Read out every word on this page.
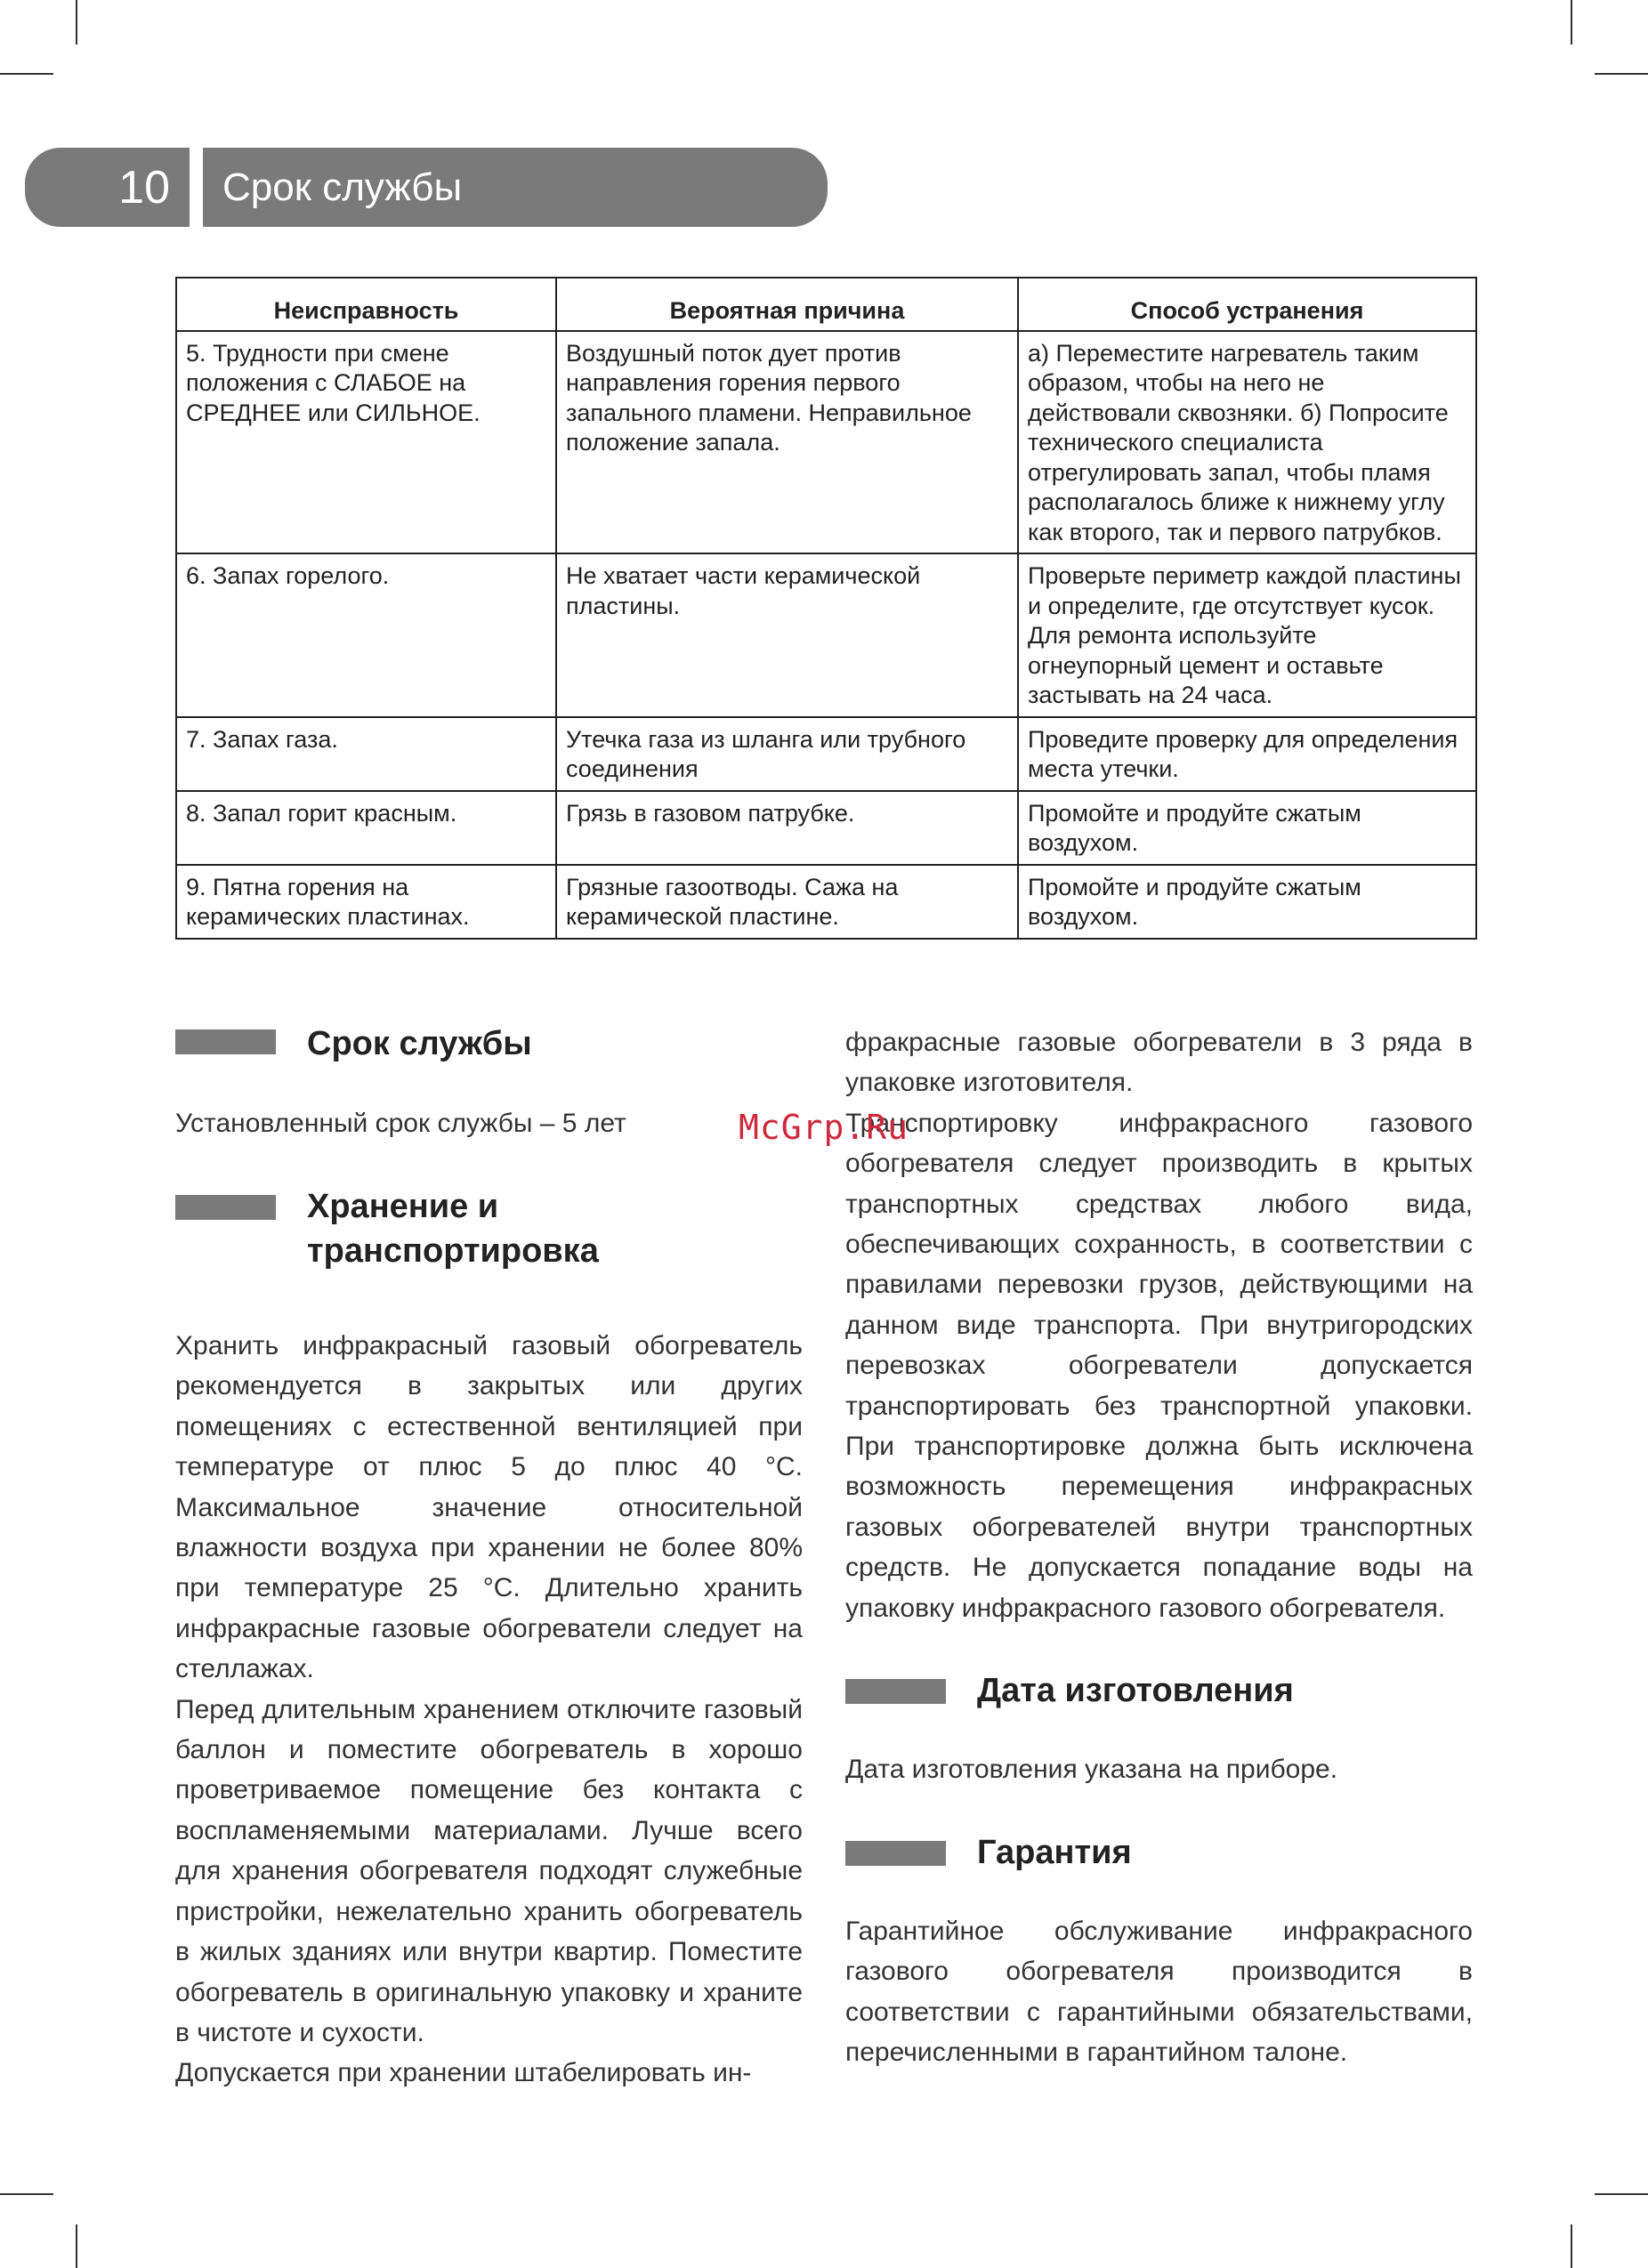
10	Срок службы
Неисправность	Вероятная причина	Способ устранения
5. Трудности при смене положения с СЛАБОЕ на СРЕДНЕЕ или СИЛЬНОЕ.	Воздушный поток дует против направления горения первого запального пламени. Неправильное положение запала.	а) Переместите нагреватель таким образом, чтобы на него не действовали сквозняки. б) Попросите технического специалиста отрегулировать запал, чтобы пламя располагалось ближе к нижнему углу как второго, так и первого патрубков.
6. Запах горелого.	Не хватает части керамической пластины.	Проверьте периметр каждой пластины и определите, где отсутствует кусок. Для ремонта используйте огнеупорный цемент и оставьте застывать на 24 часа.
7. Запах газа.	Утечка газа из шланга или трубного соединения	Проведите проверку для определения места утечки.
8. Запал горит красным.	Грязь в газовом патрубке.	Промойте и продуйте сжатым воздухом.
9. Пятна горения на керамических пластинах.	Грязные газоотводы. Сажа на керамической пластине.	Промойте и продуйте сжатым воздухом.
Срок службы

Установленный срок службы – 5 лет

Хранение и транспортировка

Хранить инфракрасный газовый обогреватель рекомендуется в закрытых или других помещениях с естественной вентиляцией при температуре от плюс 5 до плюс 40 °С. Максимальное значение относительной влажности воздуха при хранении не более 80% при температуре 25 °С. Длительно хранить инфракрасные газовые обогреватели следует на стеллажах.

Перед длительным хранением отключите газовый баллон и поместите обогреватель в хорошо проветриваемое помещение без контакта с воспламеняемыми материалами. Лучше всего для хранения обогревателя подходят служебные пристройки, нежелательно хранить обогреватель в жилых зданиях или внутри квартир. Поместите обогреватель в оригинальную упаковку и храните в чистоте и сухости.

Допускается при хранении штабелировать ин-

фракрасные газовые обогреватели в 3 ряда в упаковке изготовителя.

Транспортировку инфракрасного газового обогревателя следует производить в крытых транспортных средствах любого вида, обеспечивающих сохранность, в соответствии с правилами перевозки грузов, действующими на данном виде транспорта. При внутригородских перевозках обогреватели допускается транспортировать без транспортной упаковки. При транспортировке должна быть исключена возможность перемещения инфракрасных газовых обогревателей внутри транспортных средств. Не допускается попадание воды на упаковку инфракрасного газового обогревателя.

Дата изготовления

Дата изготовления указана на приборе.

Гарантия

Гарантийное обслуживание инфракрасного газового обогревателя производится в соответствии с гарантийными обязательствами, перечисленными в гарантийном талоне.

McGrp.Ru
